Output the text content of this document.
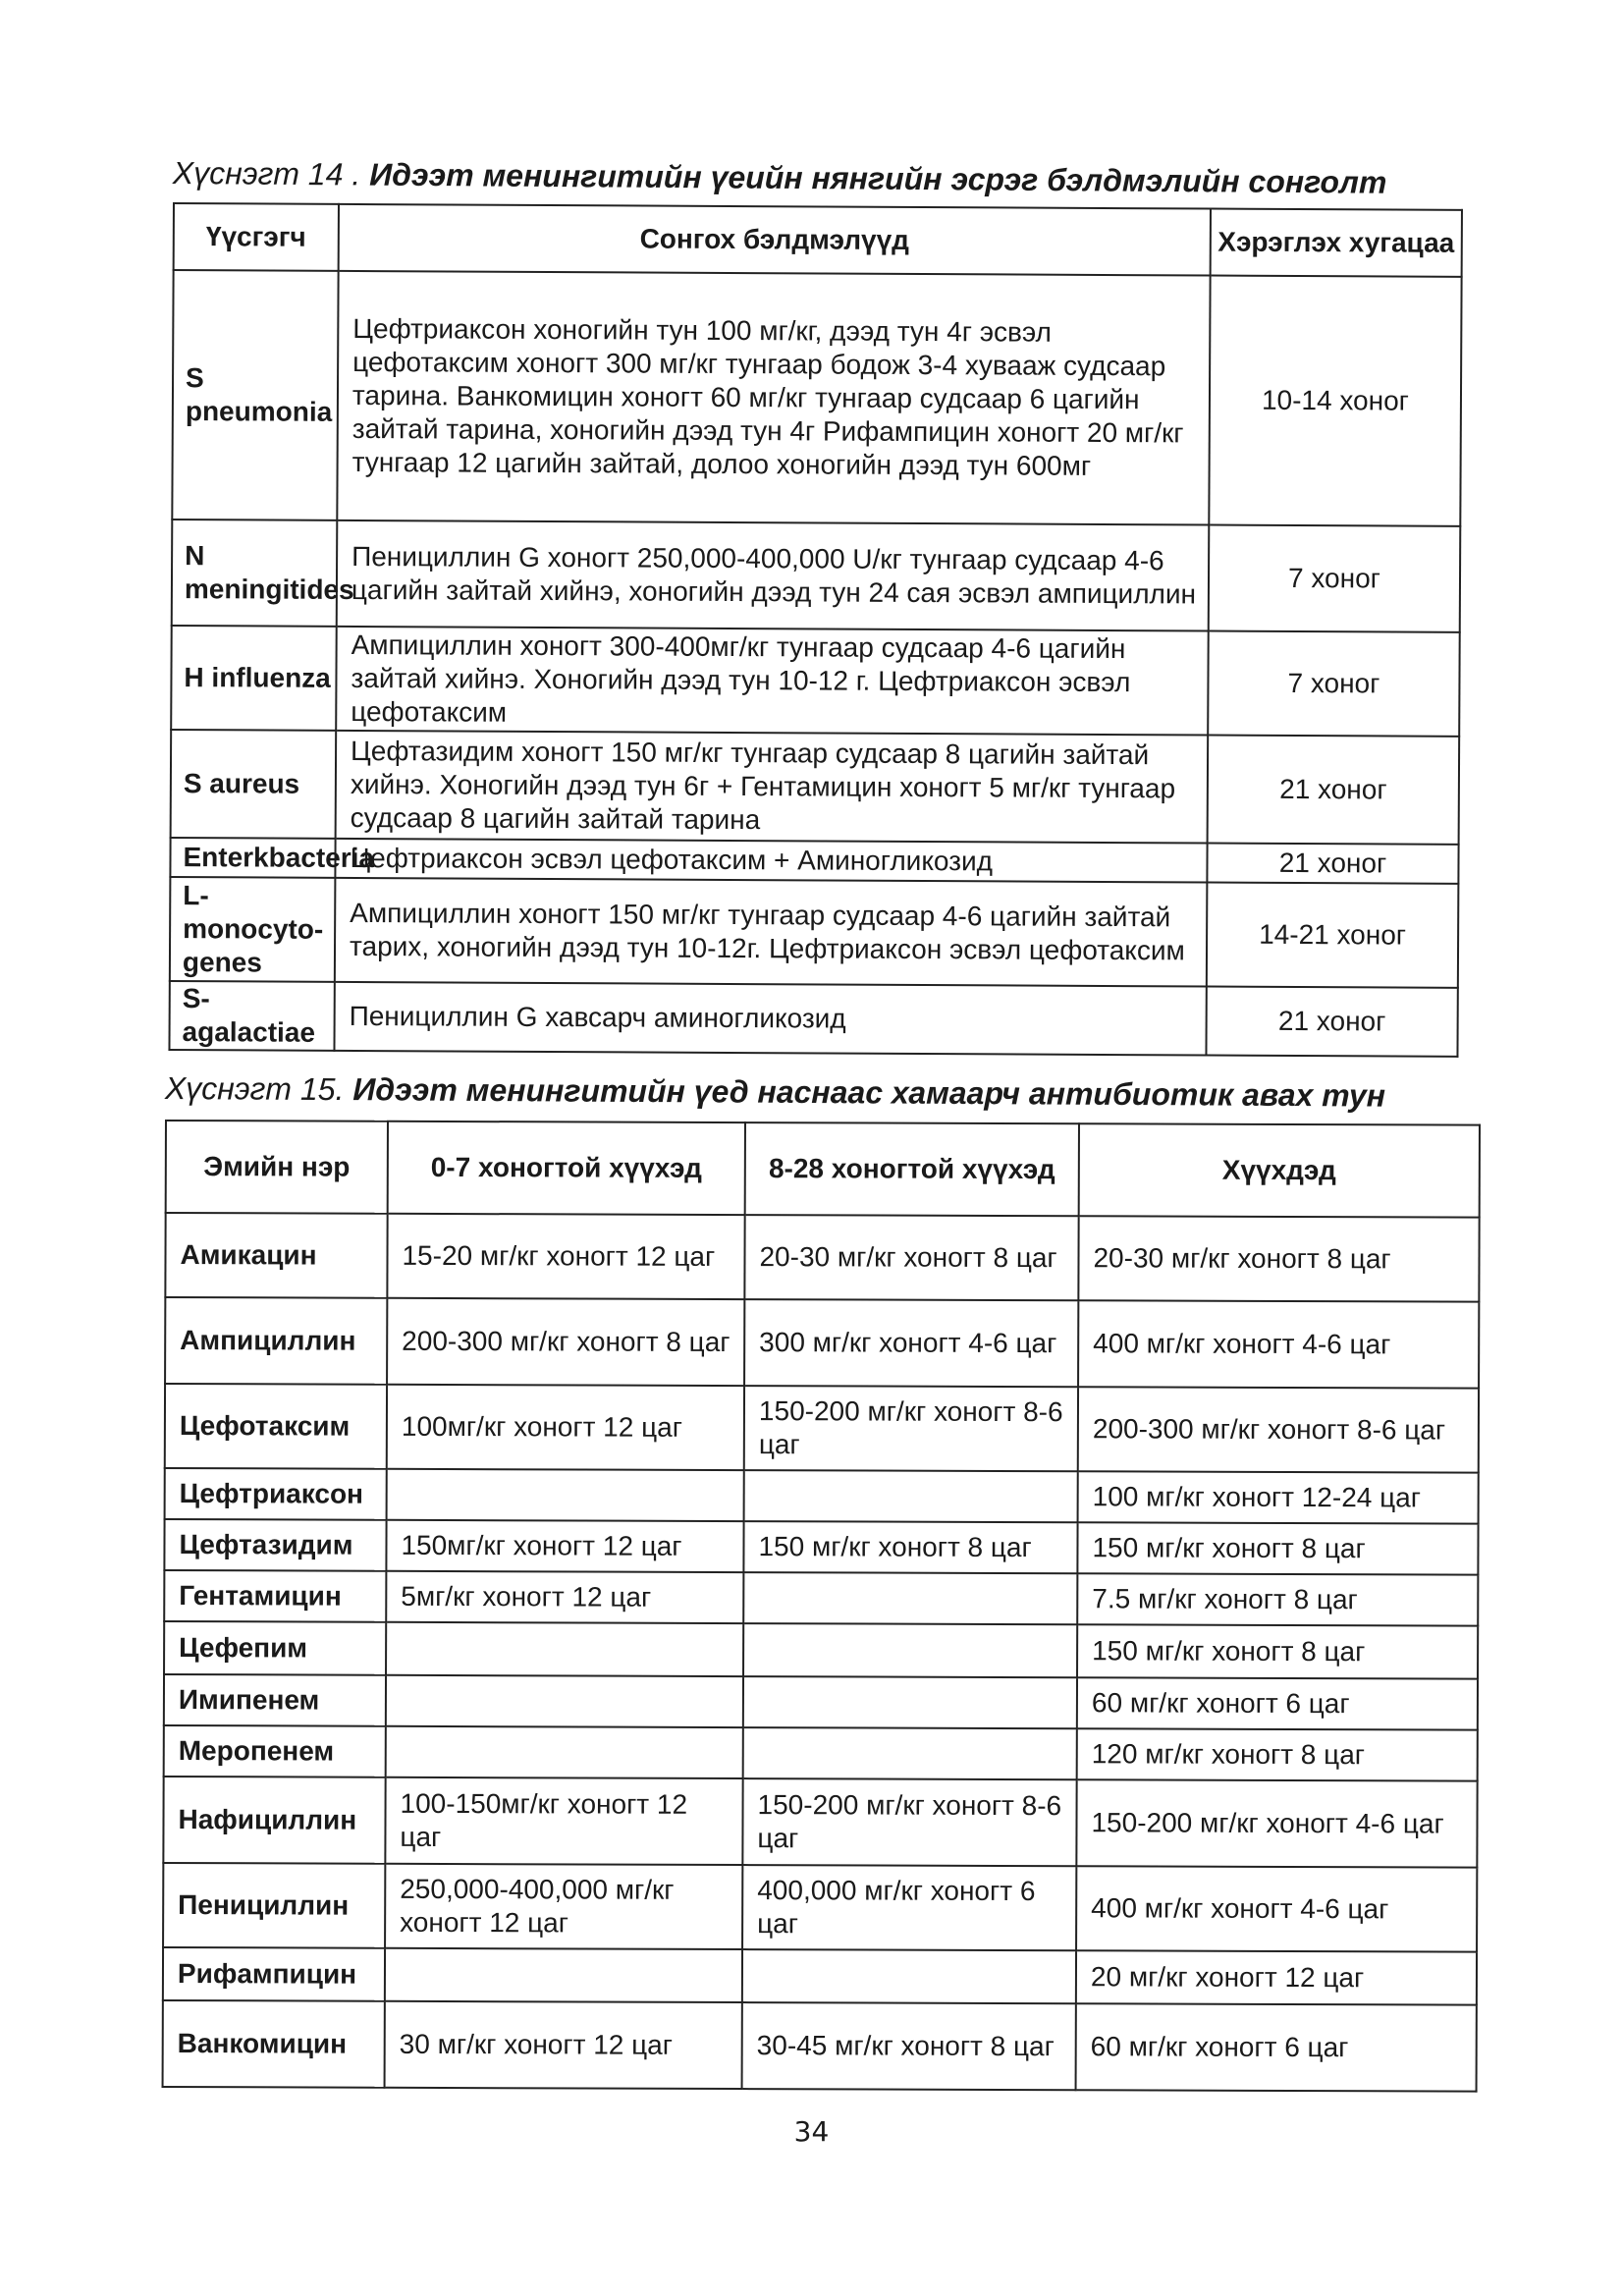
Хүснэгт 14 . Идээт менингитийн үеийн нянгийн эсрэг бэлдмэлийн сонголт
Үүсгэгч	Сонгох бэлдмэлүүд	Хэрэглэх хугацаа
S pneumonia	Цефтриаксон хоногийн тун 100 мг/кг, дээд тун 4г эсвэл цефотаксим хоногт 300 мг/кг тунгаар бодож 3-4 хувааж судсаар тарина. Ванкомицин хоногт 60 мг/кг тунгаар судсаар 6 цагийн зайтай тарина, хоногийн дээд тун 4г Рифампицин хоногт 20 мг/кг тунгаар 12 цагийн зайтай, долоо хоногийн дээд тун 600мг	10-14 хоног
N meningitides	Пенициллин G хоногт 250,000-400,000 U/кг тунгаар судсаар 4-6 цагийн зайтай хийнэ, хоногийн дээд тун 24 сая эсвэл ампициллин	7 хоног
H influenza	Ампициллин хоногт 300-400мг/кг тунгаар судсаар 4-6 цагийн зайтай хийнэ. Хоногийн дээд тун 10-12 г. Цефтриаксон эсвэл цефотаксим	7 хоног
S aureus	Цефтазидим хоногт 150 мг/кг тунгаар судсаар 8 цагийн зайтай хийнэ. Хоногийн дээд тун 6г + Гентамицин хоногт 5 мг/кг тунгаар судсаар 8 цагийн зайтай тарина	21 хоног
Enterkbacteria	Цефтриаксон эсвэл цефотаксим + Аминогликозид	21 хоног
L-monocyto-genes	Ампициллин хоногт 150 мг/кг тунгаар судсаар 4-6 цагийн зайтай тарих, хоногийн дээд тун 10-12г. Цефтриаксон эсвэл цефотаксим	14-21 хоног
S-agalactiae	Пенициллин G хавсарч аминогликозид	21 хоног
Хүснэгт 15. Идээт менингитийн үед наснаас хамаарч антибиотик авах тун
Эмийн нэр	0-7 хоногтой хүүхэд	8-28 хоногтой хүүхэд	Хүүхдэд
Амикацин	15-20 мг/кг хоногт 12 цаг	20-30 мг/кг хоногт 8 цаг	20-30 мг/кг хоногт 8 цаг
Ампициллин	200-300 мг/кг хоногт 8 цаг	300 мг/кг хоногт 4-6 цаг	400 мг/кг хоногт 4-6 цаг
Цефотаксим	100мг/кг хоногт 12 цаг	150-200 мг/кг хоногт 8-6 цаг	200-300 мг/кг хоногт 8-6 цаг
Цефтриаксон			100 мг/кг хоногт 12-24 цаг
Цефтазидим	150мг/кг хоногт 12 цаг	150 мг/кг хоногт 8 цаг	150 мг/кг хоногт 8 цаг
Гентамицин	5мг/кг хоногт 12 цаг		7.5 мг/кг хоногт 8 цаг
Цефепим			150 мг/кг хоногт 8 цаг
Имипенем			60 мг/кг хоногт 6 цаг
Меропенем			120 мг/кг хоногт 8 цаг
Нафициллин	100-150мг/кг хоногт 12 цаг	150-200 мг/кг хоногт 8-6 цаг	150-200 мг/кг хоногт 4-6 цаг
Пенициллин	250,000-400,000 мг/кг хоногт 12 цаг	400,000 мг/кг хоногт 6 цаг	400 мг/кг хоногт 4-6 цаг
Рифампицин			20 мг/кг хоногт 12 цаг
Ванкомицин	30 мг/кг хоногт 12 цаг	30-45 мг/кг хоногт 8 цаг	60 мг/кг хоногт 6 цаг
34
